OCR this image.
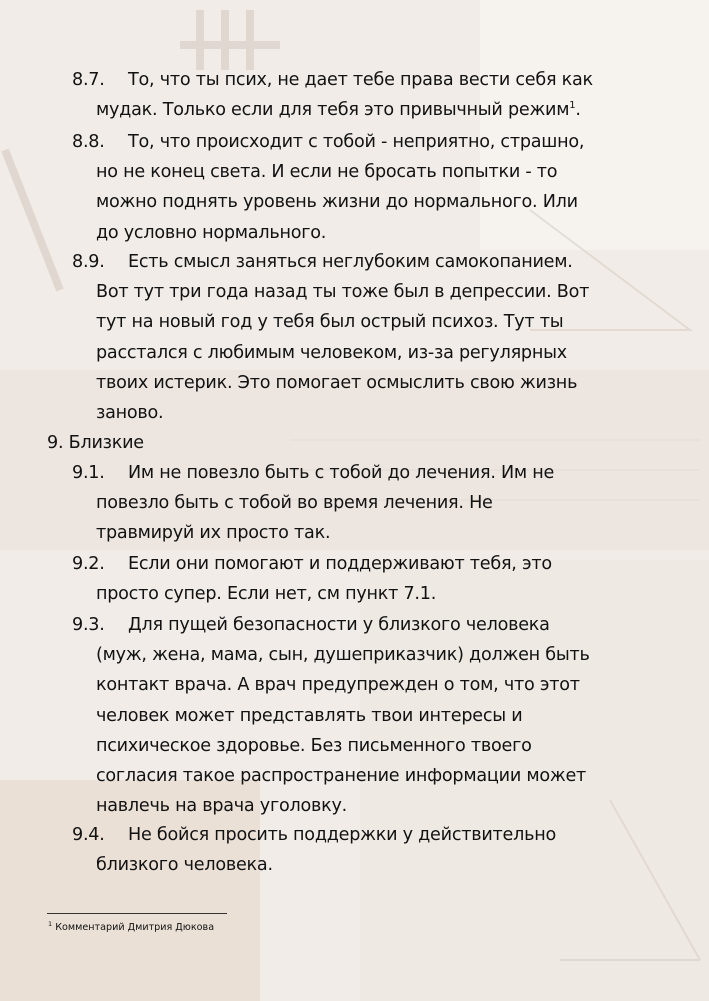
8.7.	То, что ты псих, не дает тебе права вести себя как
мудак. Только если для тебя это привычный режим$^1$.
8.8.	То, что происходит с тобой - неприятно, страшно,
но не конец света. И если не бросать попытки - то
можно поднять уровень жизни до нормального. Или
до условно нормального.
8.9.	Есть смысл заняться неглубоким самокопанием.
Вот тут три года назад ты тоже был в депрессии. Вот
тут на новый год у тебя был острый психоз. Тут ты
расстался с любимым человеком, из-за регулярных
твоих истерик. Это помогает осмыслить свою жизнь
заново.
9. Близкие
9.1.	Им не повезло быть с тобой до лечения. Им не
повезло быть с тобой во время лечения. Не
травмируй их просто так.
9.2.	Если они помогают и поддерживают тебя, это
просто супер. Если нет, см пункт 7.1.
9.3.	Для пущей безопасности у близкого человека
(муж, жена, мама, сын, душеприказчик) должен быть
контакт врача. А врач предупрежден о том, что этот
человек может представлять твои интересы и
психическое здоровье. Без письменного твоего
согласия такое распространение информации может
навлечь на врача уголовку.
9.4.	Не бойся просить поддержки у действительно
близкого человека.
$^1$ Комментарий Дмитрия Дюкова
